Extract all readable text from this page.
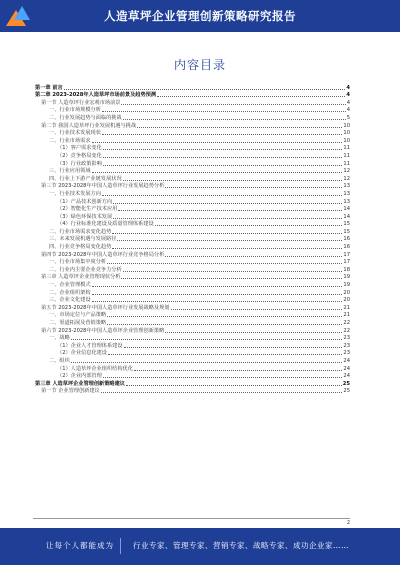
人造草坪企业管理创新策略研究报告
内容目录
第一章 前言	4
第二章 2023-2028年人造草坪市场前景及趋势预测	4
第一节 人造草坪行业宏观市场前景	4
一、行业市场规模分析	4
二、行业发展趋势与面临的挑战	5
第二节 我国人造草坪行业发展机遇与挑战	10
一、行业技术发展现状	10
二、行业市场需求	10
（1）客户需求变化	11
（2）竞争格局变化	11
（3）行业政策影响	11
三、行业应用领域	12
四、行业上下游产业链发展状况	12
第三节 2023-2028年中国人造草坪行业发展趋势分析	13
一、行业技术发展方向	13
（1）产品技术创新方向	13
（2）智能化生产技术应用	14
（3）绿色环保技术发展	14
（4）行业标准化建设及质量管理体系建设	15
二、行业市场需求变化趋势	15
三、未来发展机遇与发展路径	16
四、行业竞争格局变化趋势	16
第四节 2023-2028年中国人造草坪行业竞争格局分析	17
一、行业市场集中度分析	17
二、行业内主要企业竞争力分析	18
第三章 人造草坪企业管理现状分析	19
一、企业管理模式	19
二、企业组织架构	20
三、企业文化建设	20
第五节 2023-2028年中国人造草坪行业发展战略及规划	21
一、市场定位与产品策略	21
二、渠道拓展及营销策略	22
第六节 2023-2028年中国人造草坪企业管理创新策略	22
一、战略	23
（1）企业人才管理体系建设	23
（2）企业信息化建设	23
二、组织	24
（1）人造草坪企业组织结构优化	24
（2）企业内部管理	24
第三章 人造草坪企业管理创新策略建议	25
第一节 企业管理创新建议	25
2
让每个人都能成为	行业专家、管理专家、营销专家、战略专家、成功企业家……
